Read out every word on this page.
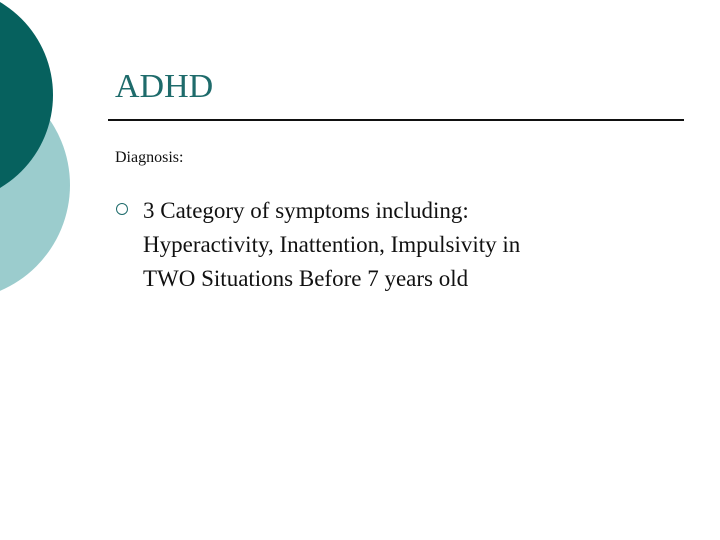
ADHD
Diagnosis:
3 Category of symptoms including:
Hyperactivity, Inattention, Impulsivity in
TWO Situations Before 7 years old
